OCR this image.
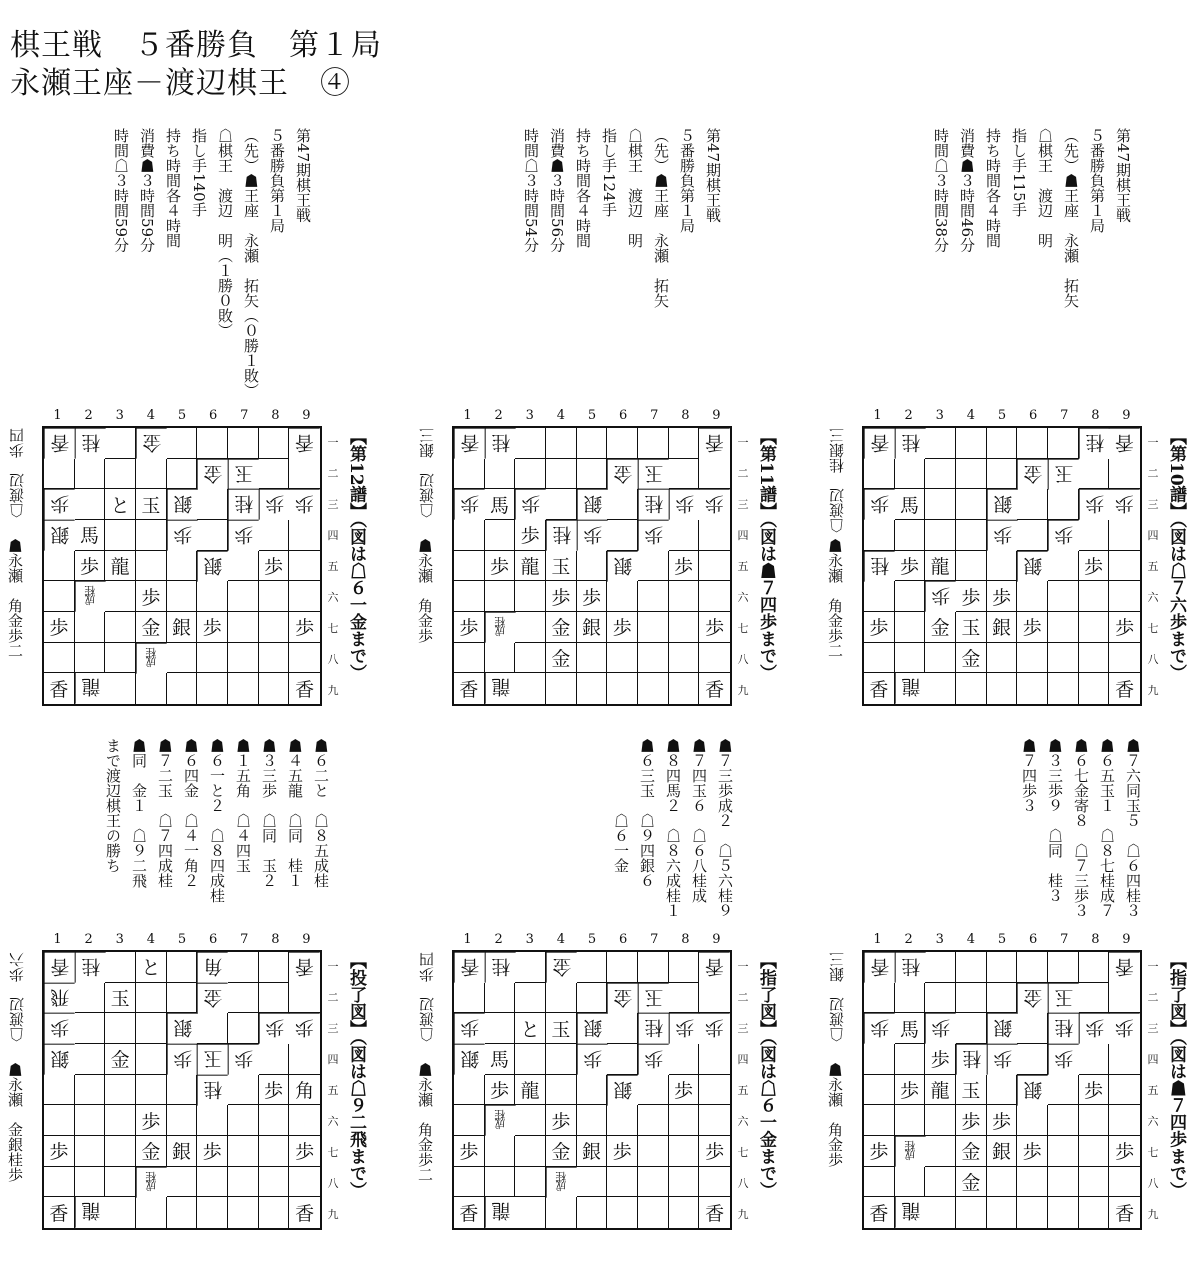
棋王戦　５番勝負　第１局
永瀬王座－渡辺棋王　④
第47期棋王戦
５番勝負第１局
（先）☗王座　永瀬　拓矢（０勝１敗）
☖棋王　渡辺　明（１勝０敗）
指し手140手
持ち時間各４時間
消費☗３時間59分
時間☖３時間59分	第47期棋王戦
５番勝負第１局
（先）☗王座　永瀬　拓矢
☖棋王　渡辺　明
指し手124手
持ち時間各４時間
消費☗３時間56分
時間☖３時間54分	第47期棋王戦
５番勝負第１局
（先）☗王座　永瀬　拓矢
☖棋王　渡辺　明
指し手115手
持ち時間各４時間
消費☗３時間46分
時間☖３時間38分
☗６二と　☖８五成桂
☗４五龍　☖同　桂１
☗３三歩　☖同　玉２
☗１五角　☖４四玉
☗６一と２　☖８四成桂
☗６四金　☖４一角２
☗７二玉　☖７四成桂
☗同　金１　☖９二飛
まで渡辺棋王の勝ち	☗７三歩成２　☖５六桂９
☗７四玉６　☖６八桂成
☗８四馬２　☖８六成桂１
☗６三玉　☖９四銀６
　　　　　☖６一金
☗７六同玉５　☖６四桂３
☗６五玉１　☖８七桂成７
☗６七金寄８　☖７三歩３
☗３三歩９　☖同　桂３
☗７四歩３
9
8
7
6
5
4
3
2
1
香 桂	金	香
金 玉
歩 と 玉 銀	桂 歩 歩
銀 馬	歩	歩
歩 龍	銀 歩
成桂	歩
歩	金 銀 歩	歩
成桂
香 龍	香
一
二
三
四
五
六
七
八
九
【第12譜】（図は☖６一金まで）
☖渡辺　歩四
☗永瀬　角金歩二
9
8
7
6
5
4
3
2
1
香 桂	香
金 玉
歩 馬 歩	銀	桂 歩 歩
歩 桂 歩	歩
歩 龍 玉	銀 歩
歩 歩
歩	成桂	金 銀 歩	歩
金
香 龍	香
一
二
三
四
五
六
七
八
九
【第11譜】（図は☗７四歩まで）
☖渡辺　銀三
☗永瀬　角金歩
9
8
7
6
5
4
3
2
1
香 桂	桂 香
金 玉
歩 馬	銀	歩 歩
歩	歩
桂 歩 龍	銀 歩
歩 歩 歩
歩	金 玉 銀 歩	歩
金
香 龍	香
一
二
三
四
五
六
七
八
九
【第10譜】（図は☖７六歩まで）
☖渡辺　桂銀三
☗永瀬　角金歩二
9
8
7
6
5
4
3
2
1
香 桂 と	角	香
飛 玉	金
歩	銀	歩 歩
銀 金	歩 玉 歩
桂 歩 角
歩
歩	金 銀 歩	歩
成桂
香 龍	香
一
二
三
四
五
六
七
八
九
【投了図】（図は☖９二飛まで）
☖渡辺　歩六
☗永瀬　金銀桂歩
9
8
7
6
5
4
3
2
1
香 桂	金	香
金 玉
歩 と 玉 銀	桂 歩 歩
銀 馬	歩	歩
歩 龍	銀 歩
成桂	歩
歩	金 銀 歩	歩
成桂
香 龍	香
一
二
三
四
五
六
七
八
九
【指了図】（図は☖６一金まで）
☖渡辺　歩四
☗永瀬　角金歩二
9
8
7
6
5
4
3
2
1
香 桂	香
金 玉
歩 馬 歩	銀	桂 歩 歩
歩 桂 歩	歩
歩 龍 玉	銀 歩
歩 歩
歩	成桂	金 銀 歩	歩
金
香 龍	香
一
二
三
四
五
六
七
八
九
【指了図】（図は☗７四歩まで）
☖渡辺　銀三
☗永瀬　角金歩
